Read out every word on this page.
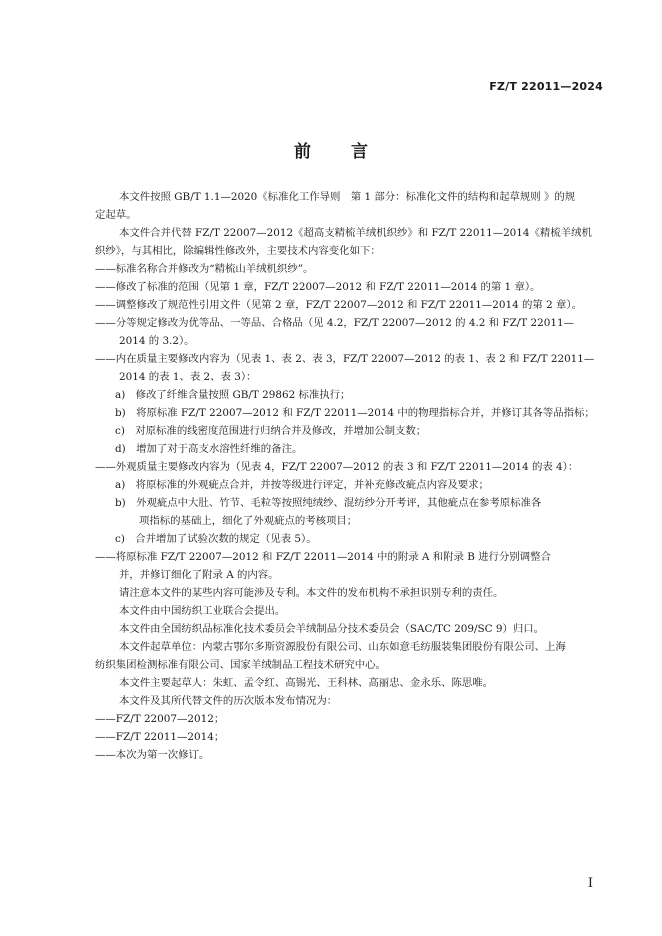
FZ/T 22011—2024
前 言
本文件按照 GB/T 1.1—2020《标准化工作导则　第 1 部分：标准化文件的结构和起草规则 》的规
定起草。
本文件合并代替 FZ/T 22007—2012《超高支精梳羊绒机织纱》和 FZ/T 22011—2014《精梳羊绒机
织纱》，与其相比，除编辑性修改外，主要技术内容变化如下：
——标准名称合并修改为“精梳山羊绒机织纱”。
——修改了标准的范围（见第 1 章，FZ/T 22007—2012 和 FZ/T 22011—2014 的第 1 章）。
——调整修改了规范性引用文件（见第 2 章，FZ/T 22007—2012 和 FZ/T 22011—2014 的第 2 章）。
——分等规定修改为优等品、一等品、合格品（见 4.2，FZ/T 22007—2012 的 4.2 和 FZ/T 22011—
2014 的 3.2）。
——内在质量主要修改内容为（见表 1、表 2、表 3，FZ/T 22007—2012 的表 1、表 2 和 FZ/T 22011—
2014 的表 1、表 2、表 3）：
a)　修改了纤维含量按照 GB/T 29862 标准执行；
b)　将原标准 FZ/T 22007—2012 和 FZ/T 22011—2014 中的物理指标合并，并修订其各等品指标；
c)　对原标准的线密度范围进行归纳合并及修改，并增加公制支数；
d)　增加了对于高支水溶性纤维的备注。
——外观质量主要修改内容为（见表 4，FZ/T 22007—2012 的表 3 和 FZ/T 22011—2014 的表 4）：
a)　将原标准的外观疵点合并，并按等级进行评定，并补充修改疵点内容及要求；
b)　外观疵点中大肚、竹节、毛粒等按照纯绒纱、混纺纱分开考评，其他疵点在参考原标准各
项指标的基础上，细化了外观疵点的考核项目；
c)　合并增加了试验次数的规定（见表 5）。
——将原标准 FZ/T 22007—2012 和 FZ/T 22011—2014 中的附录 A 和附录 B 进行分别调整合
并，并修订细化了附录 A 的内容。
请注意本文件的某些内容可能涉及专利。本文件的发布机构不承担识别专利的责任。
本文件由中国纺织工业联合会提出。
本文件由全国纺织品标准化技术委员会羊绒制品分技术委员会（SAC/TC 209/SC 9）归口。
本文件起草单位：内蒙古鄂尔多斯资源股份有限公司、山东如意毛纺服装集团股份有限公司、上海
纺织集团检测标准有限公司、国家羊绒制品工程技术研究中心。
本文件主要起草人：朱虹、孟令红、高锡光、王科林、高丽忠、金永乐、陈思唯。
本文件及其所代替文件的历次版本发布情况为：
——FZ/T 22007—2012；
——FZ/T 22011—2014；
——本次为第一次修订。
I
